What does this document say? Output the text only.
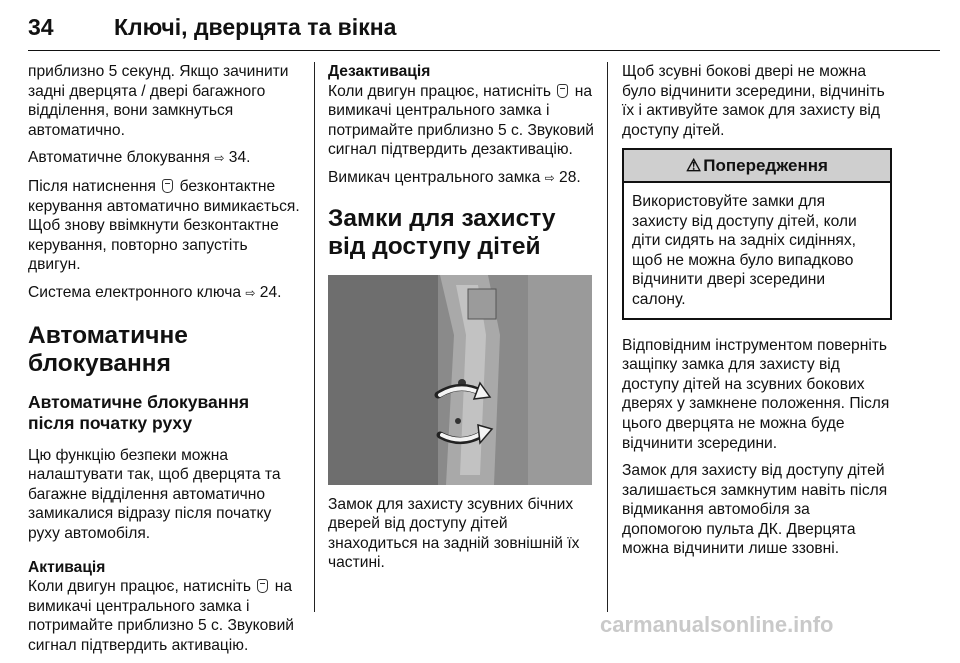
34	Ключі, дверцята та вікна

приблизно 5 секунд. Якщо зачинити задні дверцята / двері багажного відділення, вони замкнуться автоматично.

Автоматичне блокування ⇨ 34.

Після натиснення безконтактне керування автоматично вимикається. Щоб знову ввімкнути безконтактне керування, повторно запустіть двигун.

Система електронного ключа ⇨ 24.

Автоматичне блокування
Автоматичне блокування після початку руху

Цю функцію безпеки можна налаштувати так, щоб дверцята та багажне відділення автоматично замикалися відразу після початку руху автомобіля.

Активація
Коли двигун працює, натисніть на вимикачі центрального замка і потримайте приблизно 5 с. Звуковий сигнал підтвердить активацію.

Дезактивація
Коли двигун працює, натисніть на вимикачі центрального замка і потримайте приблизно 5 с. Звуковий сигнал підтвердить дезактивацію.

Вимикач центрального замка ⇨ 28.

Замки для захисту від доступу дітей

Замок для захисту зсувних бічних дверей від доступу дітей знаходиться на задній зовнішній їх частині.

Щоб зсувні бокові двері не можна було відчинити зсередини, відчиніть їх і активуйте замок для захисту від доступу дітей.

⚠ Попередження
Використовуйте замки для захисту від доступу дітей, коли діти сидять на задніх сидіннях, щоб не можна було випадково відчинити двері зсередини салону.

Відповідним інструментом поверніть защіпку замка для захисту від доступу дітей на зсувних бокових дверях у замкнене положення. Після цього дверцята не можна буде відчинити зсередини.

Замок для захисту від доступу дітей залишається замкнутим навіть після відмикання автомобіля за допомогою пульта ДК. Дверцята можна відчинити лише ззовні.

carmanualsonline.info
